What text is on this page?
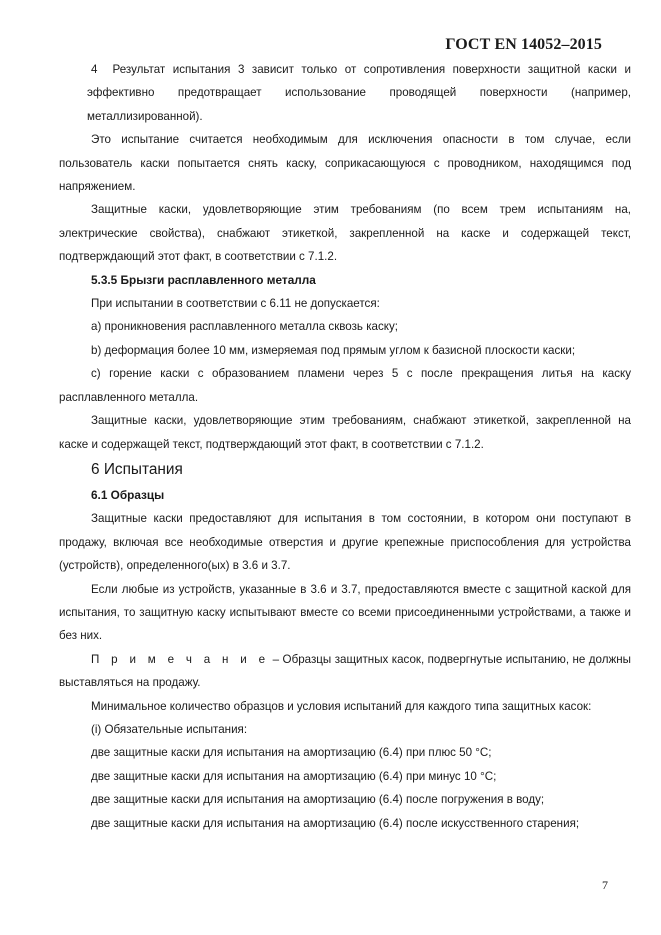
ГОСТ EN 14052–2015

4 Результат испытания 3 зависит только от сопротивления поверхности защитной каски и эффективно предотвращает использование проводящей поверхности (например, металлизированной).

Это испытание считается необходимым для исключения опасности в том случае, если пользователь каски попытается снять каску, соприкасающуюся с проводником, находящимся под напряжением.

Защитные каски, удовлетворяющие этим требованиям (по всем трем испытаниям на, электрические свойства), снабжают этикеткой, закрепленной на каске и содержащей текст, подтверждающий этот факт, в соответствии с 7.1.2.

5.3.5 Брызги расплавленного металла

При испытании в соответствии с 6.11 не допускается:

а) проникновения расплавленного металла сквозь каску;

b) деформация более 10 мм, измеряемая под прямым углом к базисной плоскости каски;

с) горение каски с образованием пламени через 5 с после прекращения литья на каску расплавленного металла.

Защитные каски, удовлетворяющие этим требованиям, снабжают этикеткой, закрепленной на каске и содержащей текст, подтверждающий этот факт, в соответствии с 7.1.2.

6 Испытания

6.1 Образцы

Защитные каски предоставляют для испытания в том состоянии, в котором они поступают в продажу, включая все необходимые отверстия и другие крепежные приспособления для устройства (устройств), определенного(ых) в 3.6 и 3.7.

Если любые из устройств, указанные в 3.6 и 3.7, предоставляются вместе с защитной каской для испытания, то защитную каску испытывают вместе со всеми присоединенными устройствами, а также и без них.

П р и м е ч а н и е – Образцы защитных касок, подвергнутые испытанию, не должны выставляться на продажу.

Минимальное количество образцов и условия испытаний для каждого типа защитных касок:

(i) Обязательные испытания:

две защитные каски для испытания на амортизацию (6.4) при плюс 50 °С;

две защитные каски для испытания на амортизацию (6.4) при минус 10 °С;

две защитные каски для испытания на амортизацию (6.4) после погружения в воду;

две защитные каски для испытания на амортизацию (6.4) после искусственного старения;

7
